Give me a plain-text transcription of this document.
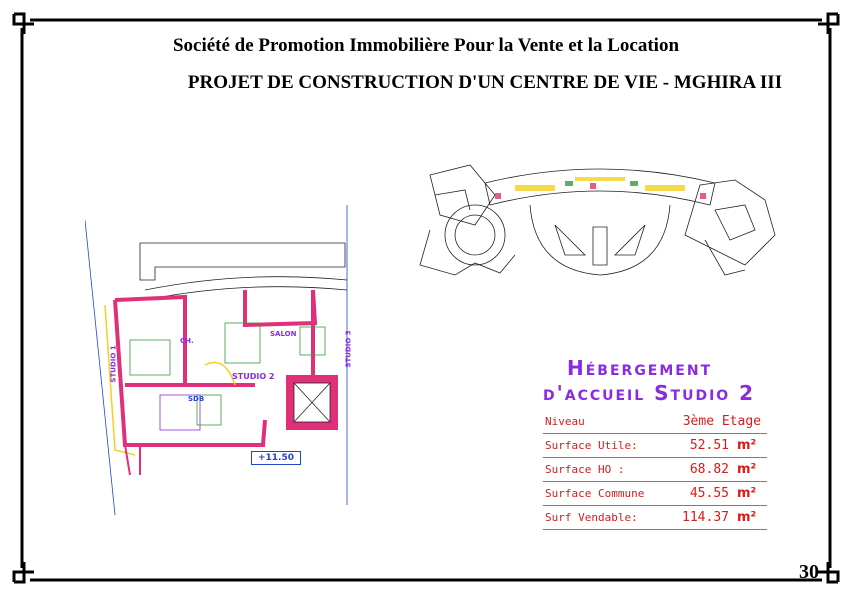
Société de Promotion Immobilière Pour la Vente et la Location
PROJET DE CONSTRUCTION D'UN CENTRE DE VIE - MGHIRA III
CH.
SALON
STUDIO 2
SDB
STUDIO 1	STUDIO 3
+11.50
Hébergement
d'accueil Studio 2
Niveau	3ème Etage	
Surface Utile:	52.51	m²
Surface HO :	68.82	m²
Surface Commune	45.55	m²
Surf Vendable:	114.37	m²
30
